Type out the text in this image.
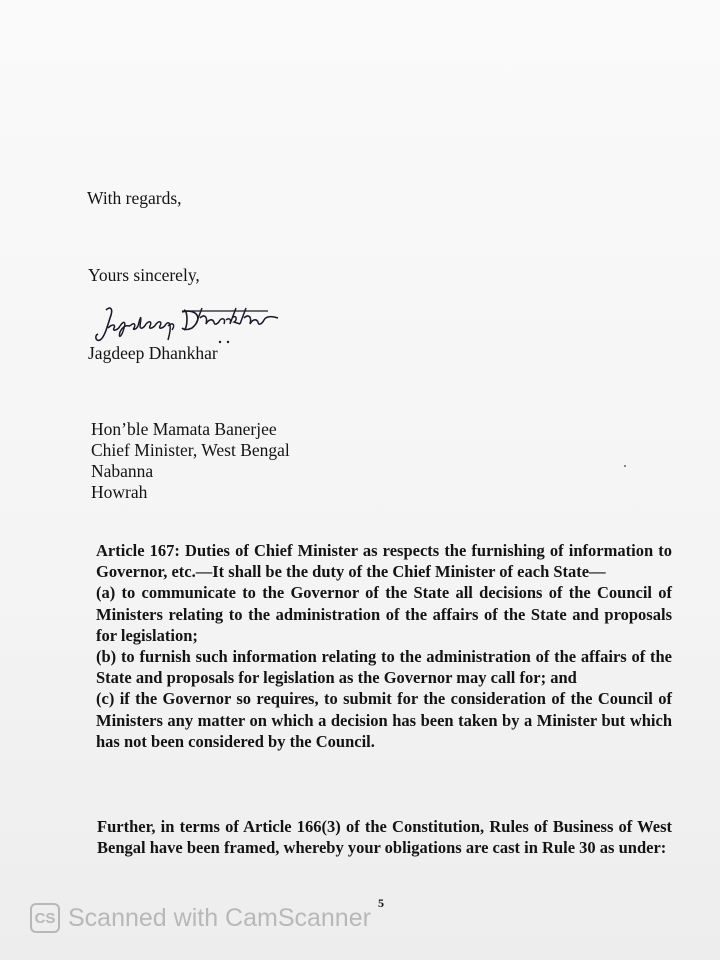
With regards,
Yours sincerely,
Jagdeep Dhankhar
Hon’ble Mamata Banerjee
Chief Minister, West Bengal
Nabanna
Howrah

Article 167: Duties of Chief Minister as respects the furnishing of information to Governor, etc.—It shall be the duty of the Chief Minister of each State—

(a) to communicate to the Governor of the State all decisions of the Council of Ministers relating to the administration of the affairs of the State and proposals for legislation;

(b) to furnish such information relating to the administration of the affairs of the State and proposals for legislation as the Governor may call for; and

(c) if the Governor so requires, to submit for the consideration of the Council of Ministers any matter on which a decision has been taken by a Minister but which has not been considered by the Council.

Further, in terms of Article 166(3) of the Constitution, Rules of Business of West Bengal have been framed, whereby your obligations are cast in Rule 30 as under:
CS Scanned with CamScanner
5
